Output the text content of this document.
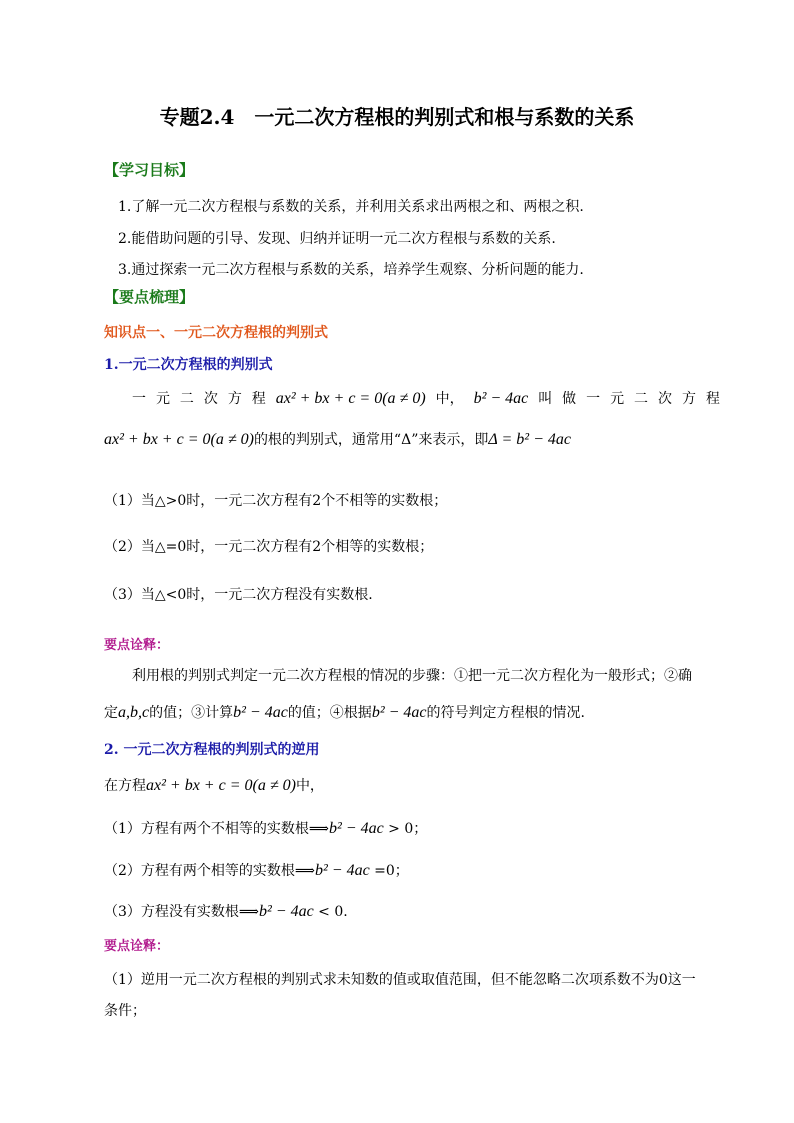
专题2.4　一元二次方程根的判别式和根与系数的关系
【学习目标】
1.了解一元二次方程根与系数的关系，并利用关系求出两根之和、两根之积.
2.能借助问题的引导、发现、归纳并证明一元二次方程根与系数的关系.
3.通过探索一元二次方程根与系数的关系，培养学生观察、分析问题的能力.
【要点梳理】
知识点一、一元二次方程根的判别式
1.一元二次方程根的判别式
一 元 二 次 方 程 ax² + bx + c = 0(a ≠ 0) 中， b² − 4ac 叫 做 一 元 二 次 方 程
ax² + bx + c = 0(a ≠ 0)的根的判别式，通常用“Δ”来表示，即Δ = b² − 4ac
（1）当△>0时，一元二次方程有2个不相等的实数根；
（2）当△=0时，一元二次方程有2个相等的实数根；
（3）当△<0时，一元二次方程没有实数根.
要点诠释：
利用根的判别式判定一元二次方程根的情况的步骤：①把一元二次方程化为一般形式；②确
定a,b,c的值；③计算b² − 4ac的值；④根据b² − 4ac的符号判定方程根的情况.
2. 一元二次方程根的判别式的逆用
在方程ax² + bx + c = 0(a ≠ 0)中，
（1）方程有两个不相等的实数根⟹b² − 4ac > 0；
（2）方程有两个相等的实数根⟹b² − 4ac =0；
（3）方程没有实数根⟹b² − 4ac < 0.
要点诠释：
（1）逆用一元二次方程根的判别式求未知数的值或取值范围，但不能忽略二次项系数不为0这一
条件；
